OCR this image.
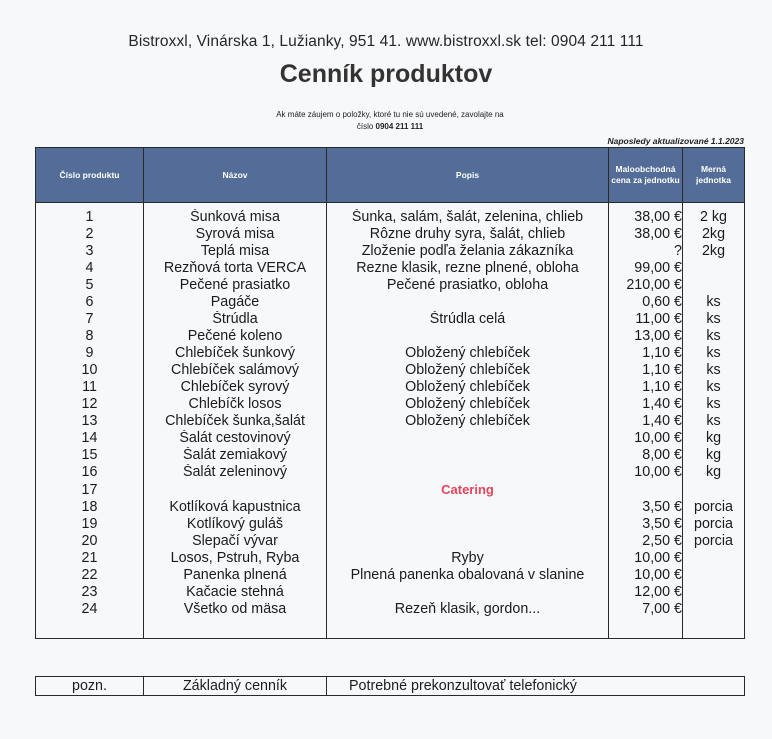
Bistroxxl, Vinárska 1, Lužianky, 951 41. www.bistroxxl.sk tel: 0904 211 111
Cenník produktov
Ak máte záujem o položky, ktoré tu nie sú uvedené, zavolajte na
číslo 0904 211 111
Naposledy aktualizované 1.1.2023
Číslo produktu	Názov	Popis	Maloobchodná cena za jednotku	Merná jednotka

1	Šunková misa	Šunka, salám, šalát, zelenina, chlieb	38,00 €	2 kg
2	Syrová misa	Rôzne druhy syra, šalát, chlieb	38,00 €	2kg
3	Teplá misa	Zloženie podľa želania zákazníka	?	2kg
4	Rezňová torta VERCA	Rezne klasik, rezne plnené, obloha	99,00 €	
5	Pečené prasiatko	Pečené prasiatko, obloha	210,00 €	
6	Pagáče		0,60 €	ks
7	Štrúdla	Štrúdla celá	11,00 €	ks
8	Pečené koleno		13,00 €	ks
9	Chlebíček šunkový	Obložený chlebíček	1,10 €	ks
10	Chlebíček salámový	Obložený chlebíček	1,10 €	ks
11	Chlebíček syrový	Obložený chlebíček	1,10 €	ks
12	Chlebíčk losos	Obložený chlebíček	1,40 €	ks
13	Chlebíček šunka,šalát	Obložený chlebíček	1,40 €	ks
14	Šalát cestovinový		10,00 €	kg
15	Šalát zemiakový		8,00 €	kg
16	Šalát zeleninový		10,00 €	kg
17		Catering		
18	Kotlíková kapustnica		3,50 €	porcia
19	Kotlíkový guláš		3,50 €	porcia
20	Slepačí vývar		2,50 €	porcia
21	Losos, Pstruh, Ryba	Ryby	10,00 €	
22	Panenka plnená	Plnená panenka obalovaná v slanine	10,00 €	
23	Kačacie stehná		12,00 €	
24	Všetko od mäsa	Rezeň klasik, gordon...	7,00 €	

pozn.	Základný cenník	Potrebné prekonzultovať telefonický
